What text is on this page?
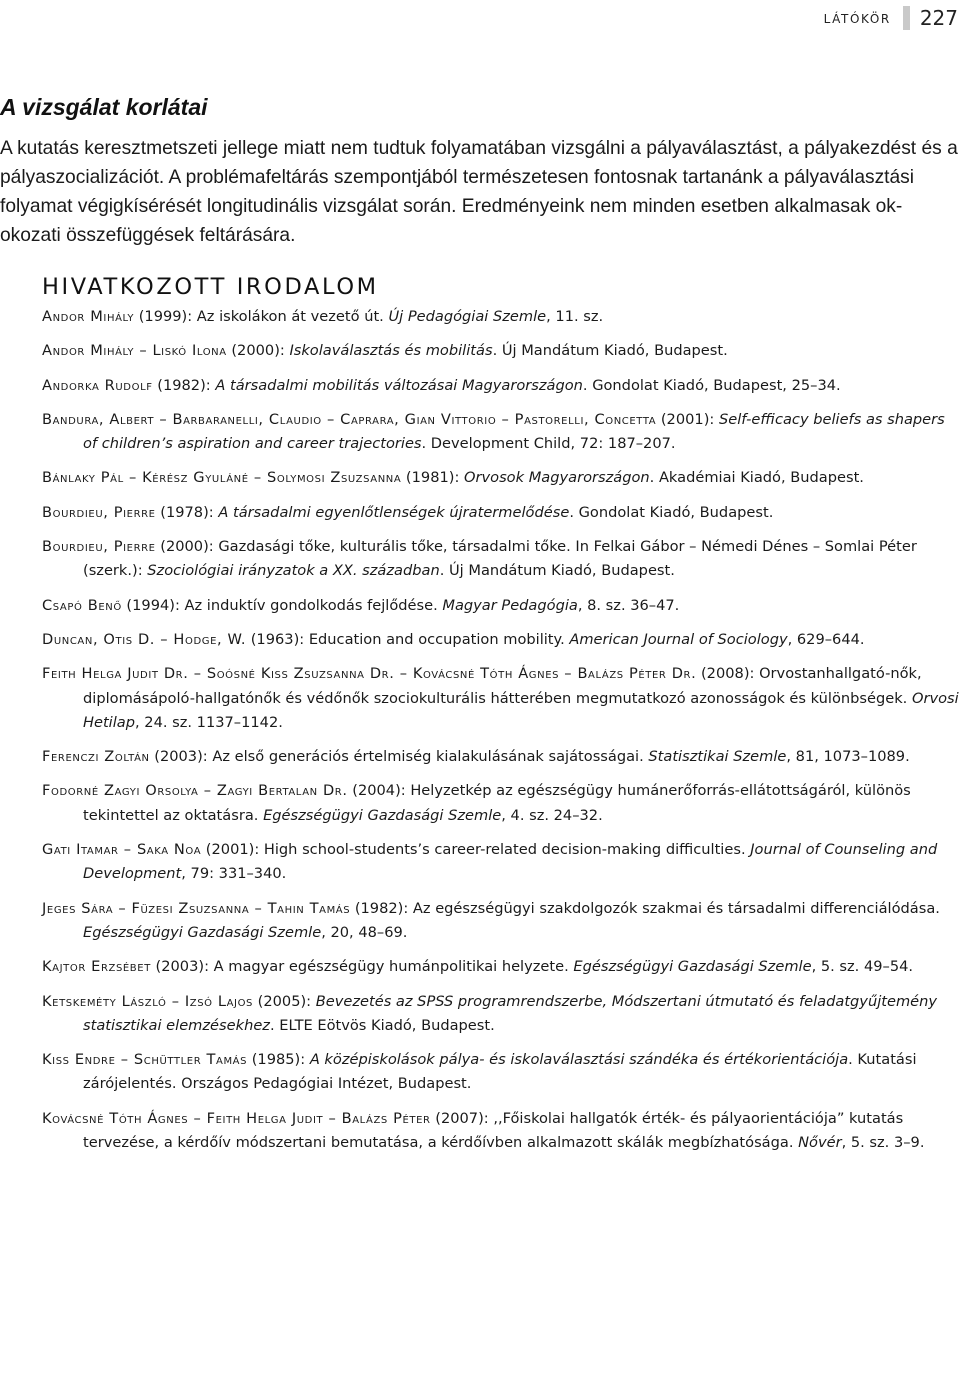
látókör 227
A vizsgálat korlátai

A kutatás keresztmetszeti jellege miatt nem tudtuk folyamatában vizsgálni a pályaválasztást, a pályakezdést és a pályaszocializációt. A problémafeltárás szempontjából természetesen fontosnak tartanánk a pályaválasztási folyamat végigkísérését longitudinális vizsgálat során. Eredményeink nem minden esetben alkalmasak ok-okozati összefüggések feltárására.

HIVATKOZOTT IRODALOM
Andor Mihály (1999): Az iskolákon át vezető út. Új Pedagógiai Szemle, 11. sz.
Andor Mihály – Liskó Ilona (2000): Iskolaválasztás és mobilitás. Új Mandátum Kiadó, Budapest.
Andorka Rudolf (1982): A társadalmi mobilitás változásai Magyarországon. Gondolat Kiadó, Budapest, 25–34.
Bandura, Albert – Barbaranelli, Claudio – Caprara, Gian Vittorio – Pastorelli, Concetta (2001): Self-efficacy beliefs as shapers of children’s aspiration and career trajectories. Development Child, 72: 187–207.
Bánlaky Pál – Kérész Gyuláné – Solymosi Zsuzsanna (1981): Orvosok Magyarországon. Akadémiai Kiadó, Budapest.
Bourdieu, Pierre (1978): A társadalmi egyenlőtlenségek újratermelődése. Gondolat Kiadó, Budapest.
Bourdieu, Pierre (2000): Gazdasági tőke, kulturális tőke, társadalmi tőke. In Felkai Gábor – Némedi Dénes – Somlai Péter (szerk.): Szociológiai irányzatok a XX. században. Új Mandátum Kiadó, Budapest.
Csapó Benő (1994): Az induktív gondolkodás fejlődése. Magyar Pedagógia, 8. sz. 36–47.
Duncan, Otis D. – Hodge, W. (1963): Education and occupation mobility. American Journal of Sociology, 629–644.
Feith Helga Judit Dr. – Soósné Kiss Zsuzsanna Dr. – Kovácsné Tóth Ágnes – Balázs Péter Dr. (2008): Orvostanhallgató-nők, diplomásápoló-hallgatónők és védőnők szociokulturális hátterében megmutatkozó azonosságok és különbségek. Orvosi Hetilap, 24. sz. 1137–1142.
Ferenczi Zoltán (2003): Az első generációs értelmiség kialakulásának sajátosságai. Statisztikai Szemle, 81, 1073–1089.
Fodorné Zagyi Orsolya – Zagyi Bertalan Dr. (2004): Helyzetkép az egészségügy humánerőforrás-ellátottságáról, különös tekintettel az oktatásra. Egészségügyi Gazdasági Szemle, 4. sz. 24–32.
Gati Itamar – Saka Noa (2001): High school-students’s career-related decision-making difficulties. Journal of Counseling and Development, 79: 331–340.
Jeges Sára – Füzesi Zsuzsanna – Tahin Tamás (1982): Az egészségügyi szakdolgozók szakmai és társadalmi differenciálódása. Egészségügyi Gazdasági Szemle, 20, 48–69.
Kajtor Erzsébet (2003): A magyar egészségügy humánpolitikai helyzete. Egészségügyi Gazdasági Szemle, 5. sz. 49–54.
Ketskeméty László – Izsó Lajos (2005): Bevezetés az SPSS programrendszerbe, Módszertani útmutató és feladatgyűjtemény statisztikai elemzésekhez. ELTE Eötvös Kiadó, Budapest.
Kiss Endre – Schüttler Tamás (1985): A középiskolások pálya- és iskolaválasztási szándéka és értékorientációja. Kutatási zárójelentés. Országos Pedagógiai Intézet, Budapest.
Kovácsné Tóth Ágnes – Feith Helga Judit – Balázs Péter (2007): ,,Főiskolai hallgatók érték- és pályaorientációja” kutatás tervezése, a kérdőív módszertani bemutatása, a kérdőívben alkalmazott skálák megbízhatósága. Nővér, 5. sz. 3–9.
